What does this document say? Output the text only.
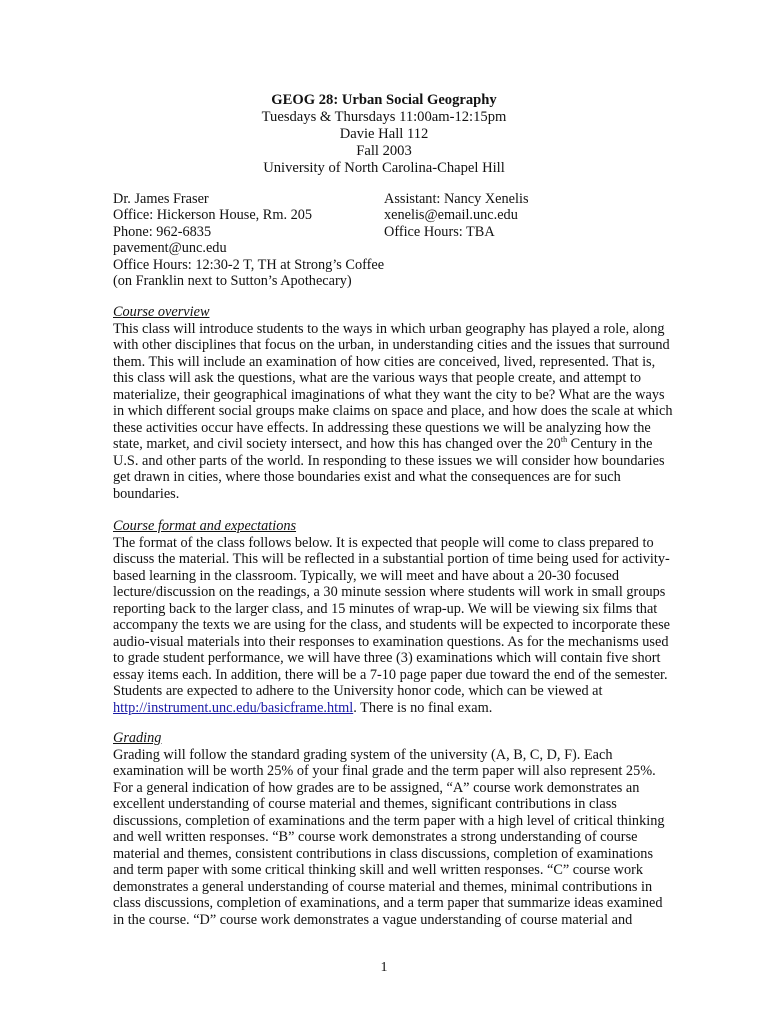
GEOG 28: Urban Social Geography
Tuesdays & Thursdays 11:00am-12:15pm
Davie Hall 112
Fall 2003
University of North Carolina-Chapel Hill
Dr. James Fraser
Office: Hickerson House, Rm. 205
Phone: 962-6835
pavement@unc.edu
Office Hours: 12:30-2 T, TH at Strong’s Coffee
(on Franklin next to Sutton’s Apothecary)
Assistant: Nancy Xenelis
xenelis@email.unc.edu
Office Hours: TBA
Course overview
This class will introduce students to the ways in which urban geography has played a role, along
with other disciplines that focus on the urban, in understanding cities and the issues that surround
them. This will include an examination of how cities are conceived, lived, represented. That is,
this class will ask the questions, what are the various ways that people create, and attempt to
materialize, their geographical imaginations of what they want the city to be? What are the ways
in which different social groups make claims on space and place, and how does the scale at which
these activities occur have effects. In addressing these questions we will be analyzing how the
state, market, and civil society intersect, and how this has changed over the 20th Century in the
U.S. and other parts of the world. In responding to these issues we will consider how boundaries
get drawn in cities, where those boundaries exist and what the consequences are for such
boundaries.
Course format and expectations
The format of the class follows below. It is expected that people will come to class prepared to
discuss the material. This will be reflected in a substantial portion of time being used for activity-
based learning in the classroom. Typically, we will meet and have about a 20-30 focused
lecture/discussion on the readings, a 30 minute session where students will work in small groups
reporting back to the larger class, and 15 minutes of wrap-up. We will be viewing six films that
accompany the texts we are using for the class, and students will be expected to incorporate these
audio-visual materials into their responses to examination questions. As for the mechanisms used
to grade student performance, we will have three (3) examinations which will contain five short
essay items each. In addition, there will be a 7-10 page paper due toward the end of the semester.
Students are expected to adhere to the University honor code, which can be viewed at
http://instrument.unc.edu/basicframe.html. There is no final exam.
Grading
Grading will follow the standard grading system of the university (A, B, C, D, F). Each
examination will be worth 25% of your final grade and the term paper will also represent 25%.
For a general indication of how grades are to be assigned, “A” course work demonstrates an
excellent understanding of course material and themes, significant contributions in class
discussions, completion of examinations and the term paper with a high level of critical thinking
and well written responses. “B” course work demonstrates a strong understanding of course
material and themes, consistent contributions in class discussions, completion of examinations
and term paper with some critical thinking skill and well written responses. “C” course work
demonstrates a general understanding of course material and themes, minimal contributions in
class discussions, completion of examinations, and a term paper that summarize ideas examined
in the course. “D” course work demonstrates a vague understanding of course material and
1
